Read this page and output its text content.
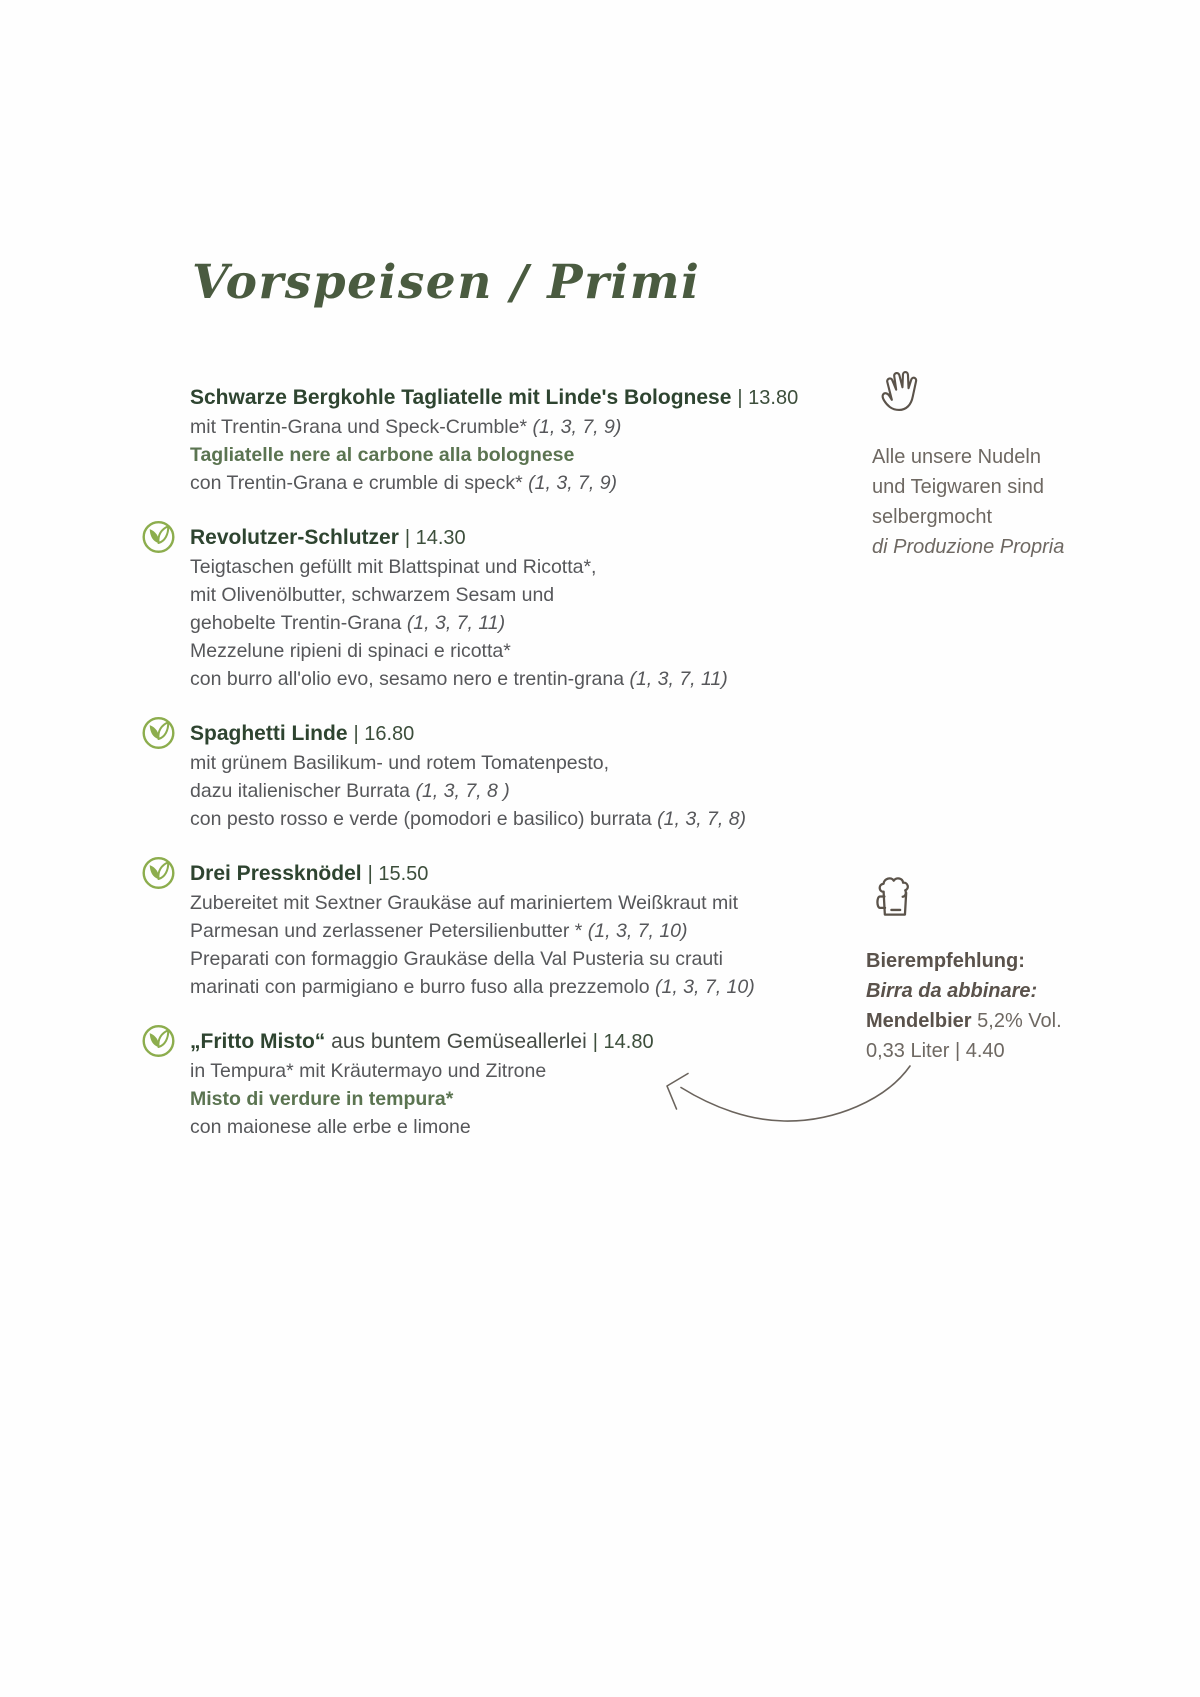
Vorspeisen / Primi
Schwarze Bergkohle Tagliatelle mit Linde's Bolognese | 13.80
mit Trentin-Grana und Speck-Crumble* (1, 3, 7, 9)
Tagliatelle nere al carbone alla bolognese
con Trentin-Grana e crumble di speck* (1, 3, 7, 9)
Revolutzer-Schlutzer | 14.30
Teigtaschen gefüllt mit Blattspinat und Ricotta*,
mit Olivenölbutter, schwarzem Sesam und
gehobelte Trentin-Grana (1, 3, 7, 11)
Mezzelune ripieni di spinaci e ricotta*
con burro all'olio evo, sesamo nero e trentin-grana (1, 3, 7, 11)
Spaghetti Linde | 16.80
mit grünem Basilikum- und rotem Tomatenpesto,
dazu italienischer Burrata (1, 3, 7, 8 )
con pesto rosso e verde (pomodori e basilico) burrata (1, 3, 7, 8)
Drei Pressknödel | 15.50
Zubereitet mit Sextner Graukäse auf mariniertem Weißkraut mit
Parmesan und zerlassener Petersilienbutter * (1, 3, 7, 10)
Preparati con formaggio Graukäse della Val Pusteria su crauti
marinati con parmigiano e burro fuso alla prezzemolo (1, 3, 7, 10)
„Fritto Misto“ aus buntem Gemüseallerlei | 14.80
in Tempura* mit Kräutermayo und Zitrone
Misto di verdure in tempura*
con maionese alle erbe e limone
Alle unsere Nudeln
und Teigwaren sind
selbergmocht
di Produzione Propria
Bierempfehlung:
Birra da abbinare:
Mendelbier 5,2% Vol.
0,33 Liter | 4.40
